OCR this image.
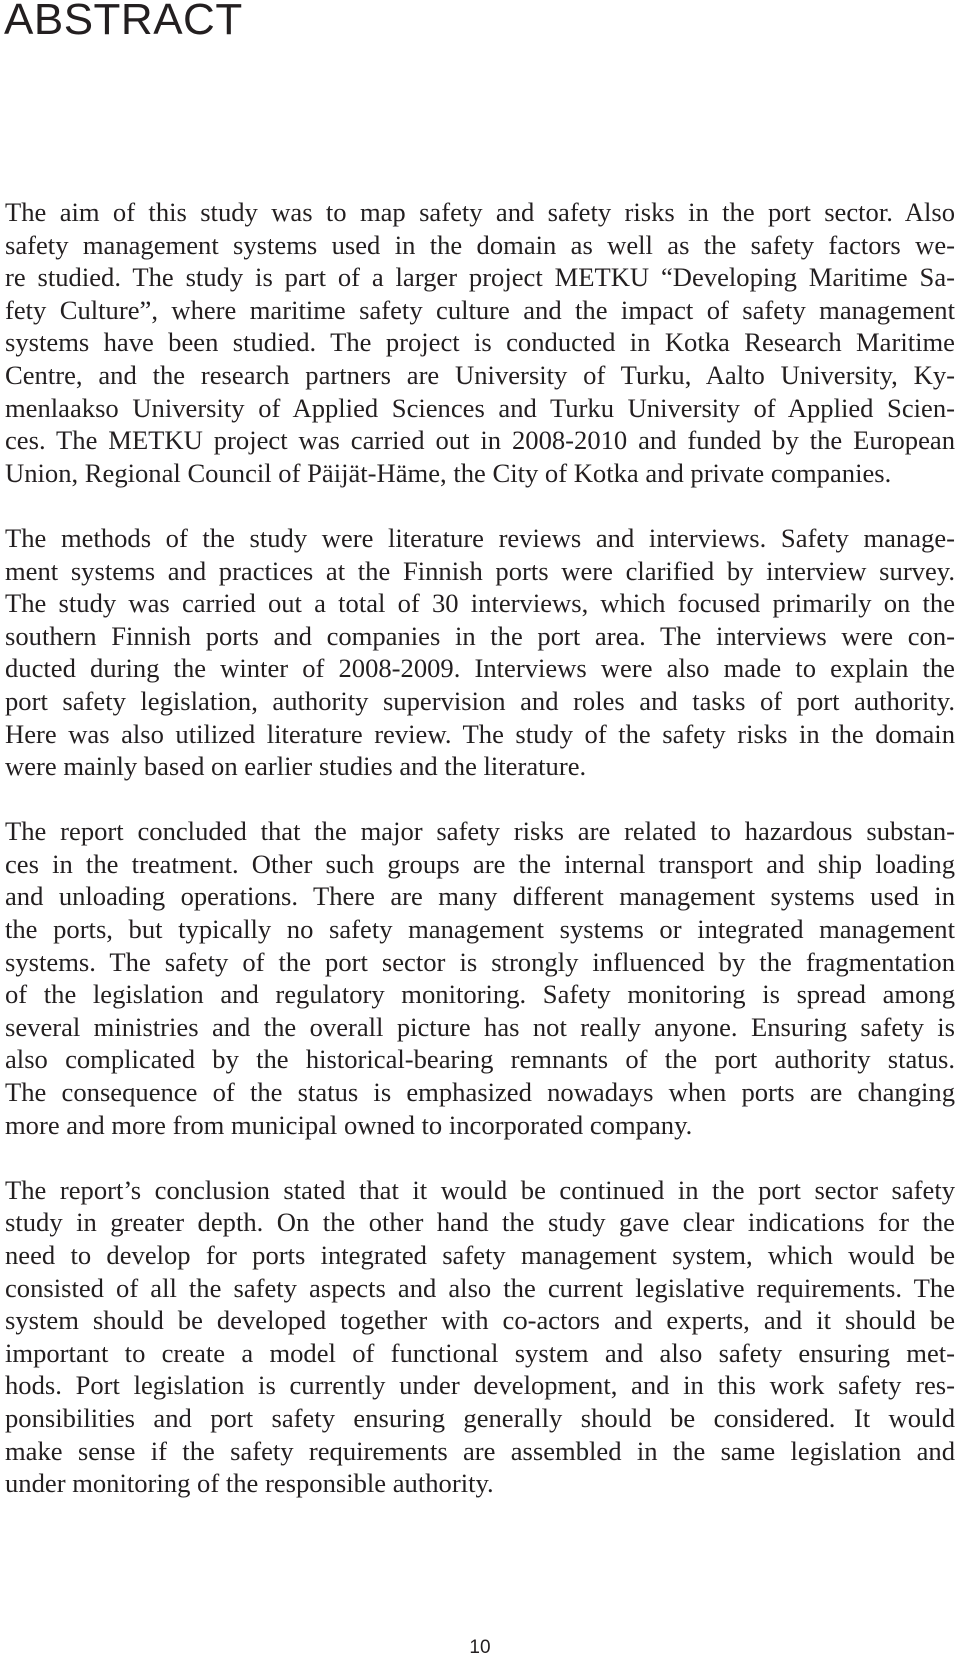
ABSTRACT

The aim of this study was to map safety and safety risks in the port sector. Also
safety management systems used in the domain as well as the safety factors we-
re studied. The study is part of a larger project METKU “Developing Maritime Sa-
fety Culture”, where maritime safety culture and the impact of safety management
systems have been studied. The project is conducted in Kotka Research Maritime
Centre, and the research partners are University of Turku, Aalto University, Ky-
menlaakso University of Applied Sciences and Turku University of Applied Scien-
ces. The METKU project was carried out in 2008-2010 and funded by the European
Union, Regional Council of Päijät-Häme, the City of Kotka and private companies.

The methods of the study were literature reviews and interviews. Safety manage-
ment systems and practices at the Finnish ports were clarified by interview survey.
The study was carried out a total of 30 interviews, which focused primarily on the
southern Finnish ports and companies in the port area. The interviews were con-
ducted during the winter of 2008-2009. Interviews were also made to explain the
port safety legislation, authority supervision and roles and tasks of port authority.
Here was also utilized literature review. The study of the safety risks in the domain
were mainly based on earlier studies and the literature.

The report concluded that the major safety risks are related to hazardous substan-
ces in the treatment. Other such groups are the internal transport and ship loading
and unloading operations. There are many different management systems used in
the ports, but typically no safety management systems or integrated management
systems. The safety of the port sector is strongly influenced by the fragmentation
of the legislation and regulatory monitoring. Safety monitoring is spread among
several ministries and the overall picture has not really anyone. Ensuring safety is
also complicated by the historical-bearing remnants of the port authority status.
The consequence of the status is emphasized nowadays when ports are changing
more and more from municipal owned to incorporated company.

The report’s conclusion stated that it would be continued in the port sector safety
study in greater depth. On the other hand the study gave clear indications for the
need to develop for ports integrated safety management system, which would be
consisted of all the safety aspects and also the current legislative requirements. The
system should be developed together with co-actors and experts, and it should be
important to create a model of functional system and also safety ensuring met-
hods. Port legislation is currently under development, and in this work safety res-
ponsibilities and port safety ensuring generally should be considered. It would
make sense if the safety requirements are assembled in the same legislation and
under monitoring of the responsible authority.

10
